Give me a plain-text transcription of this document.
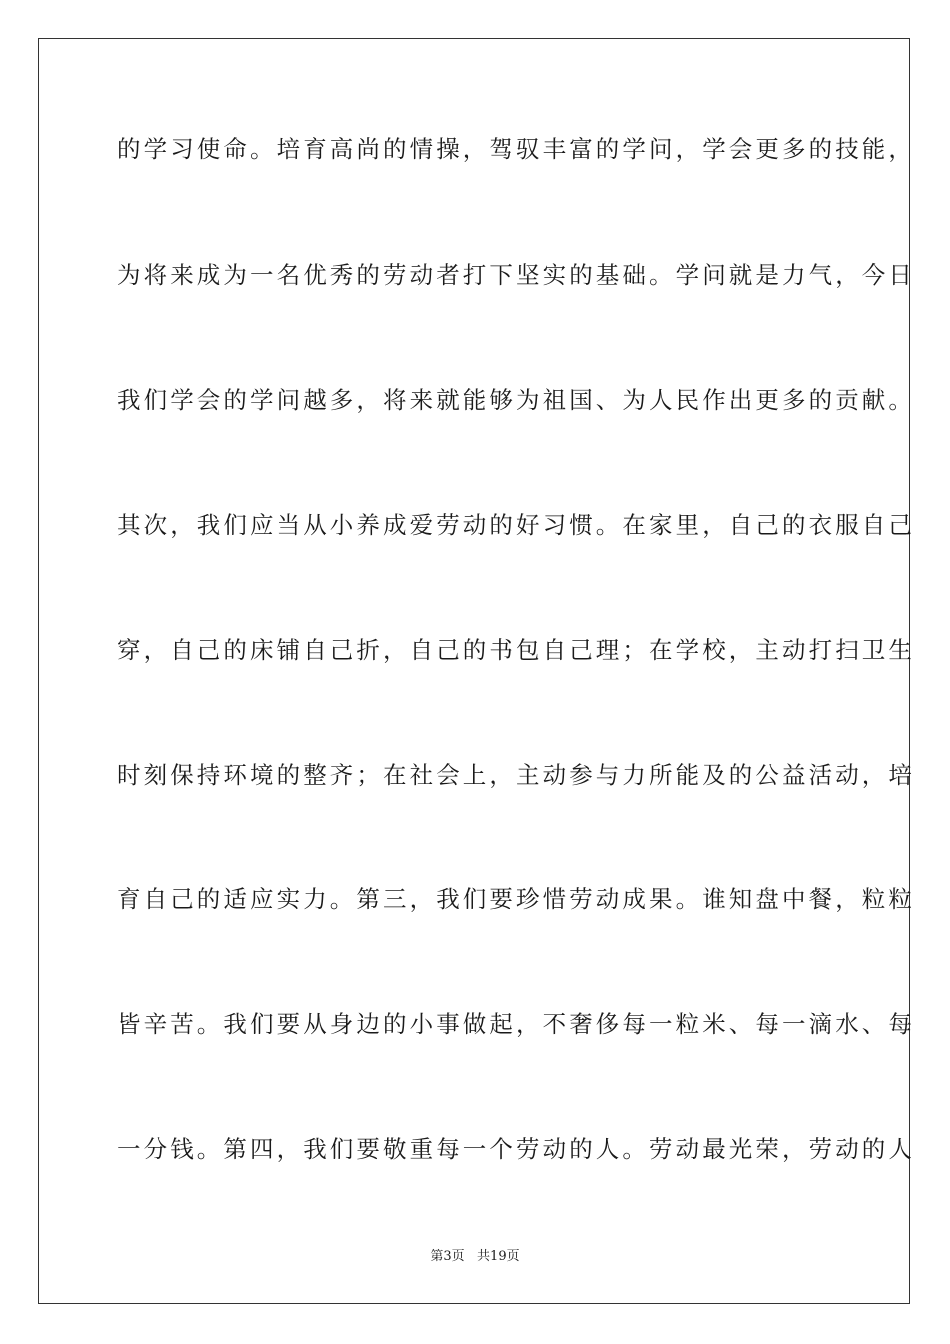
的学习使命。培育高尚的情操，驾驭丰富的学问，学会更多的技能，
为将来成为一名优秀的劳动者打下坚实的基础。学问就是力气，今日
我们学会的学问越多，将来就能够为祖国、为人民作出更多的贡献。
其次，我们应当从小养成爱劳动的好习惯。在家里，自己的衣服自己
穿，自己的床铺自己折，自己的书包自己理；在学校，主动打扫卫生
时刻保持环境的整齐；在社会上，主动参与力所能及的公益活动，培
育自己的适应实力。第三，我们要珍惜劳动成果。谁知盘中餐，粒粒
皆辛苦。我们要从身边的小事做起，不奢侈每一粒米、每一滴水、每
一分钱。第四，我们要敬重每一个劳动的人。劳动最光荣，劳动的人
第3页   共19页
